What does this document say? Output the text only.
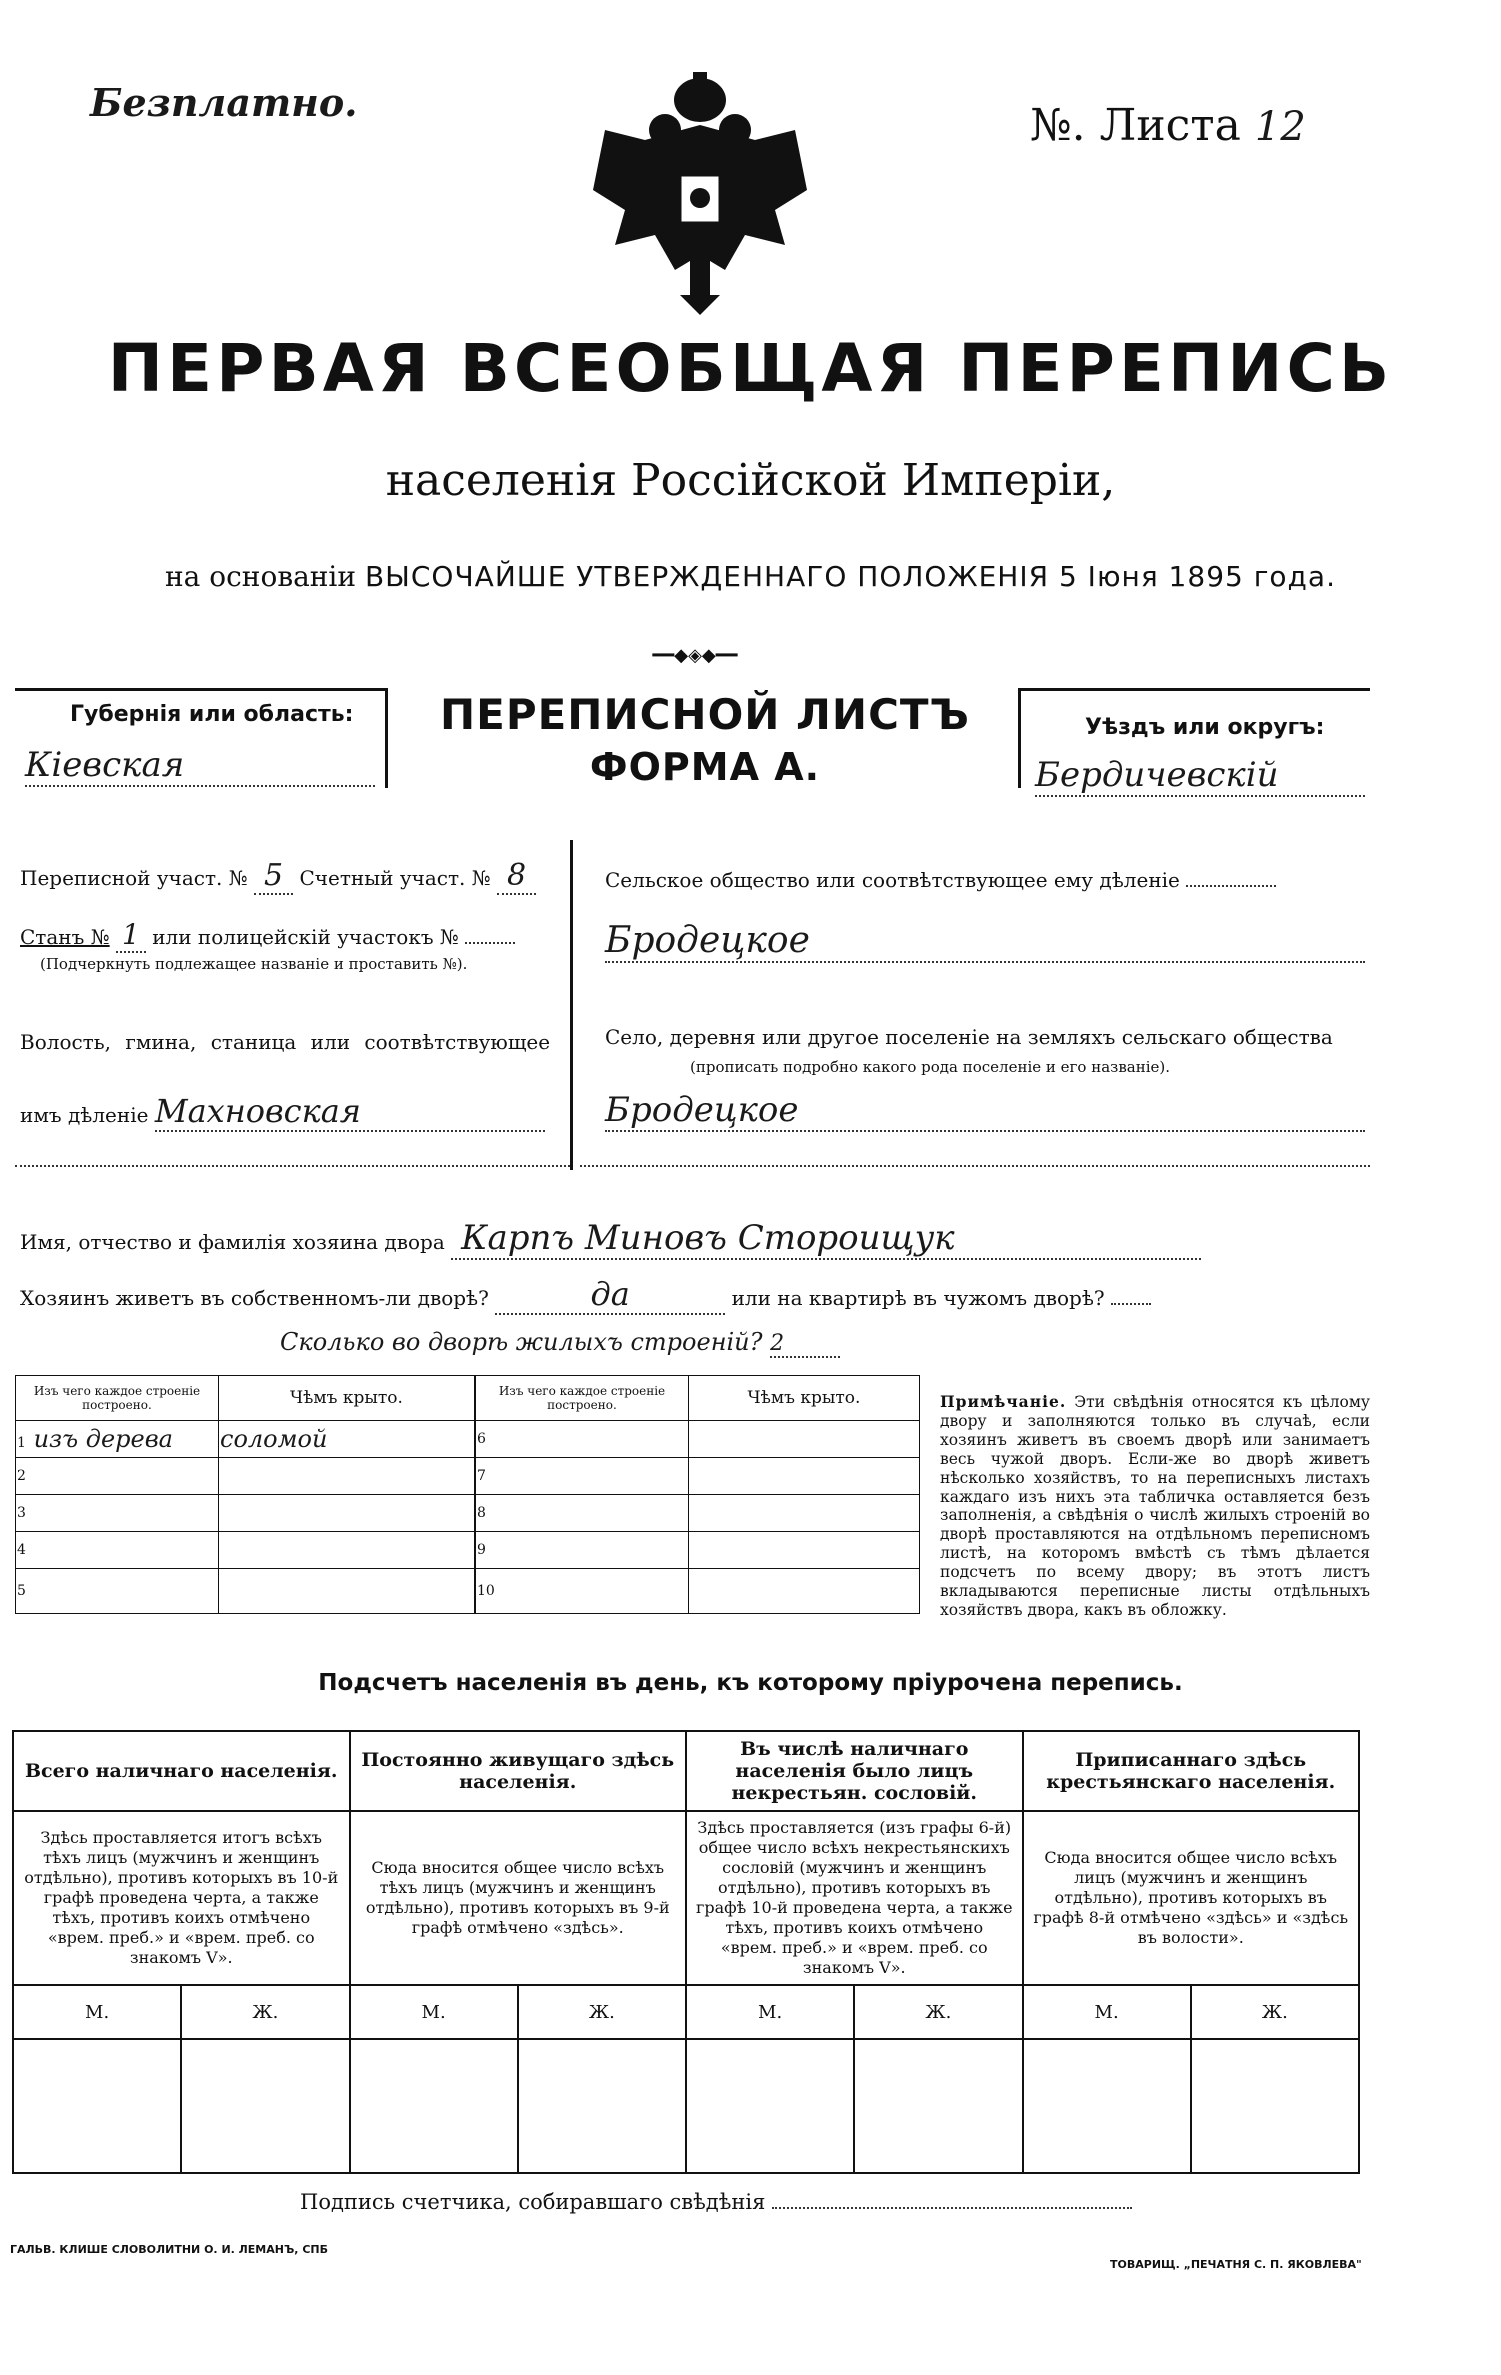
Безплатно.	№. Листа 12
ПЕРВАЯ ВСЕОБЩАЯ ПЕРЕПИСЬ
населенія Россійской Имперіи,
на основаніи ВЫСОЧАЙШЕ УТВЕРЖДЕННАГО ПОЛОЖЕНІЯ 5 Іюня 1895 года.
━━◆◈◆━━
Губернія или область:
Кіевская
ПЕРЕПИСНОЙ ЛИСТЪ
ФОРМА А.
Уѣздъ или округъ:
Бердичевскій
Переписной участ. № 5 Счетный участ. № 8
Станъ № 1 или полицейскій участокъ №
(Подчеркнуть подлежащее названіе и проставить №).
Волость, гмина, станица или соотвѣтствующее
имъ дѣленіе Махновская
Сельское общество или соотвѣтствующее ему дѣленіе
Бродецкое
Село, деревня или другое поселеніе на земляхъ сельскаго общества
(прописать подробно какого рода поселеніе и его названіе).
Бродецкое
Имя, отчество и фамилія хозяина двора Карпъ Миновъ Стороищук
Хозяинъ живетъ въ собственномъ-ли дворѣ?	да	или на квартирѣ въ чужомъ дворѣ?
Сколько во дворѣ жилыхъ строеній? 2
Изъ чего каждое строеніе построено.	Чѣмъ крыто.
1 изъ дерева	соломой
2	
3	
4	
5	
Изъ чего каждое строеніе построено.	Чѣмъ крыто.
6	
7	
8	
9	
10	
Примѣчаніе. Эти свѣдѣнія относятся къ цѣлому двору и заполняются только въ случаѣ, если хозяинъ живетъ въ своемъ дворѣ или занимаетъ весь чужой дворъ. Если-же во дворѣ живетъ нѣсколько хозяйствъ, то на переписныхъ листахъ каждаго изъ нихъ эта табличка оставляется безъ заполненія, а свѣдѣнія о числѣ жилыхъ строеній во дворѣ проставляются на отдѣльномъ переписномъ листѣ, на которомъ вмѣстѣ съ тѣмъ дѣлается подсчетъ по всему двору; въ этотъ листъ вкладываются переписные листы отдѣльныхъ хозяйствъ двора, какъ въ обложку.
Подсчетъ населенія въ день, къ которому пріурочена перепись.
Всего наличнаго населенія.		Постоянно живущаго здѣсь населенія.		Въ числѣ наличнаго населенія было лицъ некрестьян. сословій.		Приписаннаго здѣсь крестьянскаго населенія.	
Здѣсь проставляется итогъ всѣхъ тѣхъ лицъ (мужчинъ и женщинъ отдѣльно), противъ которыхъ въ 10-й графѣ проведена черта, а также тѣхъ, противъ коихъ отмѣчено «врем. преб.» и «врем. преб. со знакомъ V».		Сюда вносится общее число всѣхъ тѣхъ лицъ (мужчинъ и женщинъ отдѣльно), противъ которыхъ въ 9-й графѣ отмѣчено «здѣсь».		Здѣсь проставляется (изъ графы 6-й) общее число всѣхъ некрестьянскихъ сословій (мужчинъ и женщинъ отдѣльно), противъ которыхъ въ графѣ 10-й проведена черта, а также тѣхъ, противъ коихъ отмѣчено «врем. преб.» и «врем. преб. со знакомъ V».		Сюда вносится общее число всѣхъ лицъ (мужчинъ и женщинъ отдѣльно), противъ которыхъ въ графѣ 8-й отмѣчено «здѣсь» и «здѣсь въ волости».	
М.	Ж.	М.	Ж.	М.	Ж.	М.	Ж.

Подпись счетчика, собиравшаго свѣдѣнія
ГАЛЬВ. КЛИШЕ СЛОВОЛИТНИ О. И. ЛЕМАНЪ, СПБ
ТОВАРИЩ. „ПЕЧАТНЯ С. П. ЯКОВЛЕВА"
